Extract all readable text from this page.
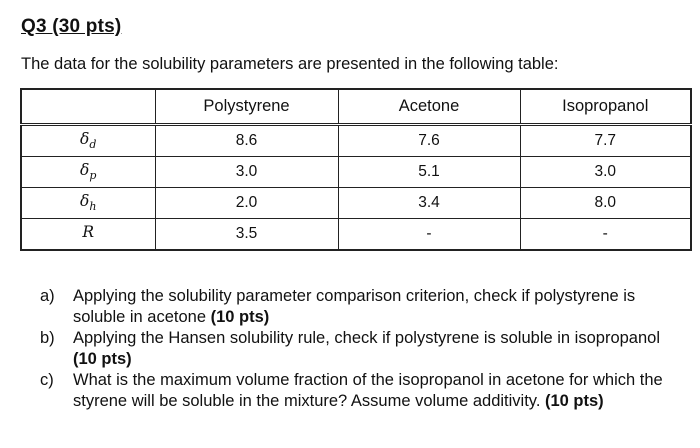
Q3 (30 pts)
The data for the solubility parameters are presented in the following table:
	Polystyrene	Acetone	Isopropanol
$\delta_d$	8.6	7.6	7.7
$\delta_p$	3.0	5.1	3.0
$\delta_h$	2.0	3.4	8.0
R	3.5	-	-
a) Applying the solubility parameter comparison criterion, check if polystyrene is soluble in acetone (10 pts)
b) Applying the Hansen solubility rule, check if polystyrene is soluble in isopropanol (10 pts)
c) What is the maximum volume fraction of the isopropanol in acetone for which the styrene will be soluble in the mixture? Assume volume additivity. (10 pts)
